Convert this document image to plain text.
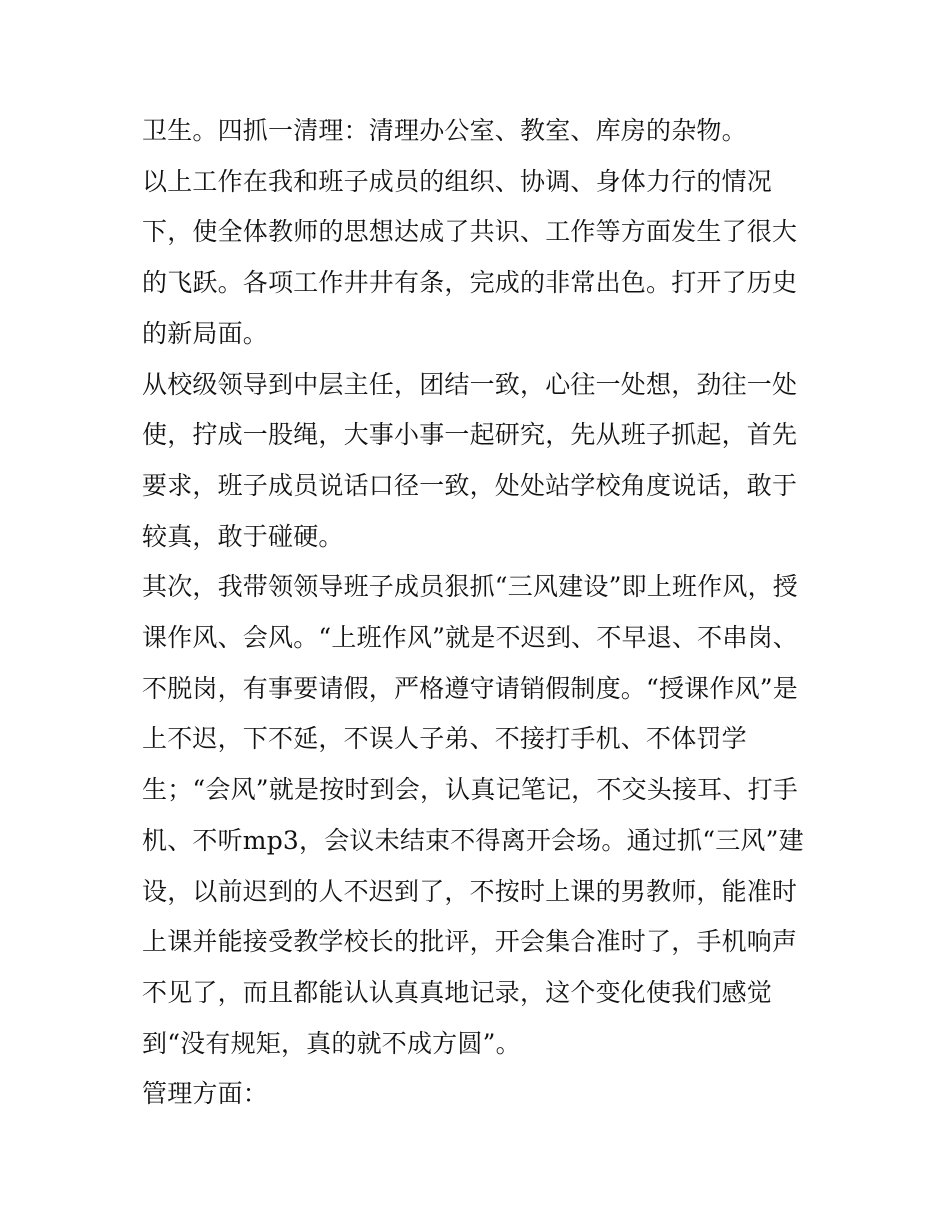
卫生。四抓一清理：清理办公室、教室、库房的杂物。

以上工作在我和班子成员的组织、协调、身体力行的情况下，使全体教师的思想达成了共识、工作等方面发生了很大的飞跃。各项工作井井有条，完成的非常出色。打开了历史的新局面。

从校级领导到中层主任，团结一致，心往一处想，劲往一处使，拧成一股绳，大事小事一起研究，先从班子抓起，首先要求，班子成员说话口径一致，处处站学校角度说话，敢于较真，敢于碰硬。

其次，我带领领导班子成员狠抓“三风建设”即上班作风，授课作风、会风。“上班作风”就是不迟到、不早退、不串岗、不脱岗，有事要请假，严格遵守请销假制度。“授课作风”是上不迟，下不延，不误人子弟、不接打手机、不体罚学生；“会风”就是按时到会，认真记笔记，不交头接耳、打手机、不听mp3，会议未结束不得离开会场。通过抓“三风”建设，以前迟到的人不迟到了，不按时上课的男教师，能准时上课并能接受教学校长的批评，开会集合准时了，手机响声不见了，而且都能认认真真地记录，这个变化使我们感觉到“没有规矩，真的就不成方圆”。

管理方面：
